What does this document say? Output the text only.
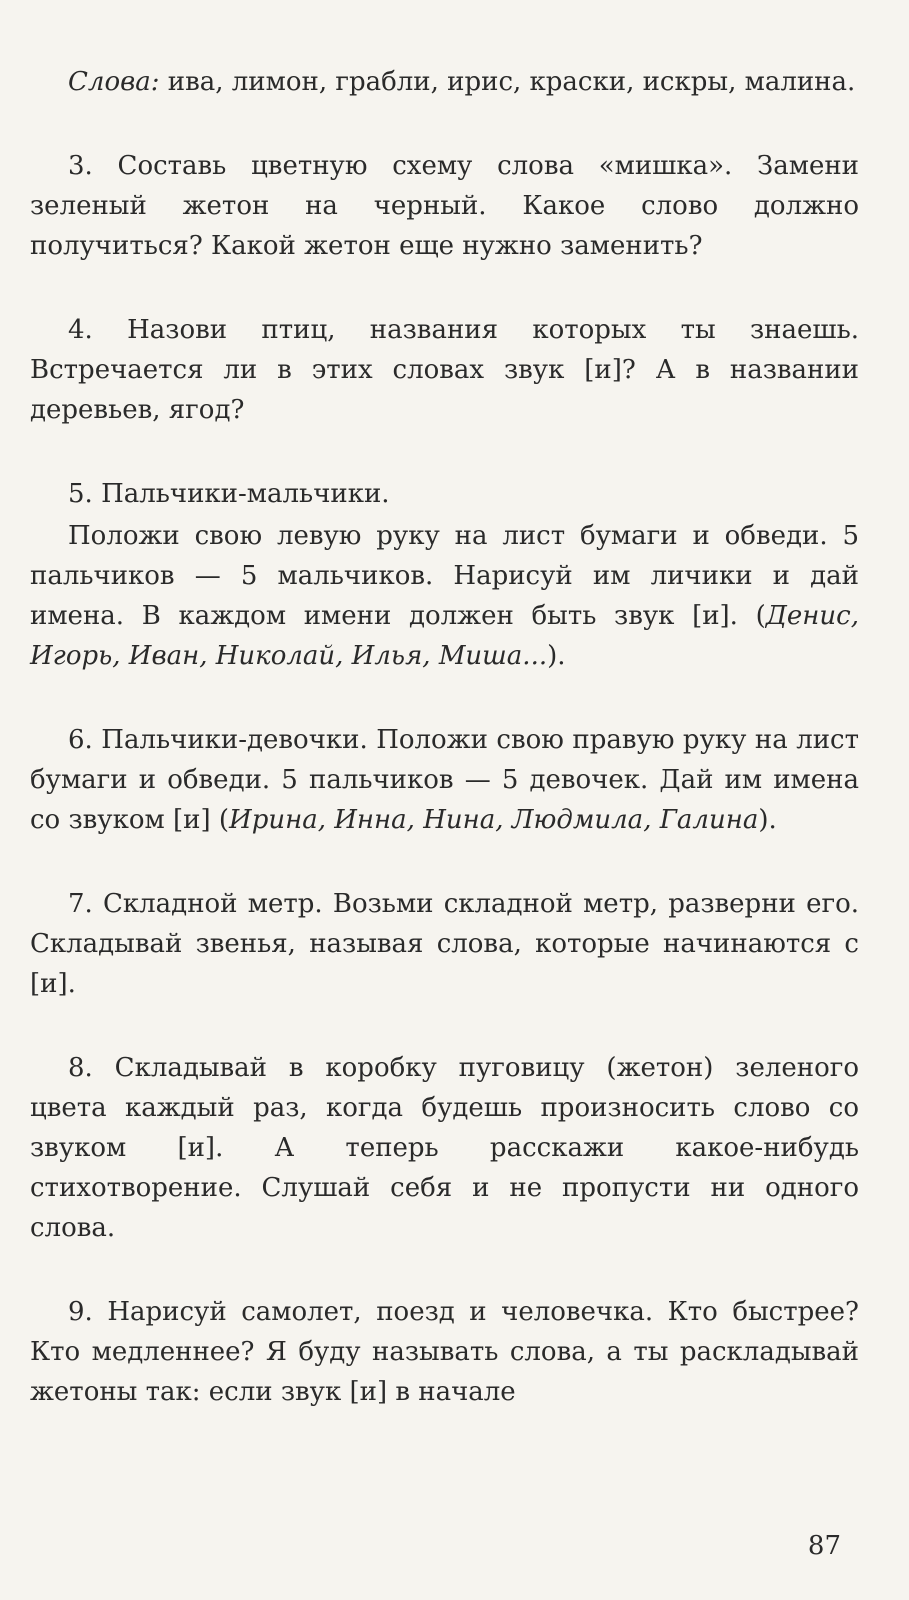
Слова: ива, лимон, грабли, ирис, краски, искры, малина.

3. Составь цветную схему слова «мишка». Замени зеленый жетон на черный. Какое слово должно получиться? Какой жетон еще нужно заменить?

4. Назови птиц, названия которых ты знаешь. Встречается ли в этих словах звук [и]? А в названии деревьев, ягод?

5. Пальчики-мальчики.

Положи свою левую руку на лист бумаги и обведи. 5 пальчиков — 5 мальчиков. Нарисуй им личики и дай имена. В каждом имени должен быть звук [и]. (Денис, Игорь, Иван, Николай, Илья, Миша...).

6. Пальчики-девочки. Положи свою правую руку на лист бумаги и обведи. 5 пальчиков — 5 девочек. Дай им имена со звуком [и] (Ирина, Инна, Нина, Людмила, Галина).

7. Складной метр. Возьми складной метр, разверни его. Складывай звенья, называя слова, которые начинаются с [и].

8. Складывай в коробку пуговицу (жетон) зеленого цвета каждый раз, когда будешь произносить слово со звуком [и]. А теперь расскажи какое-нибудь стихотворение. Слушай себя и не пропусти ни одного слова.

9. Нарисуй самолет, поезд и человечка. Кто быстрее? Кто медленнее? Я буду называть слова, а ты раскладывай жетоны так: если звук [и] в начале

87
